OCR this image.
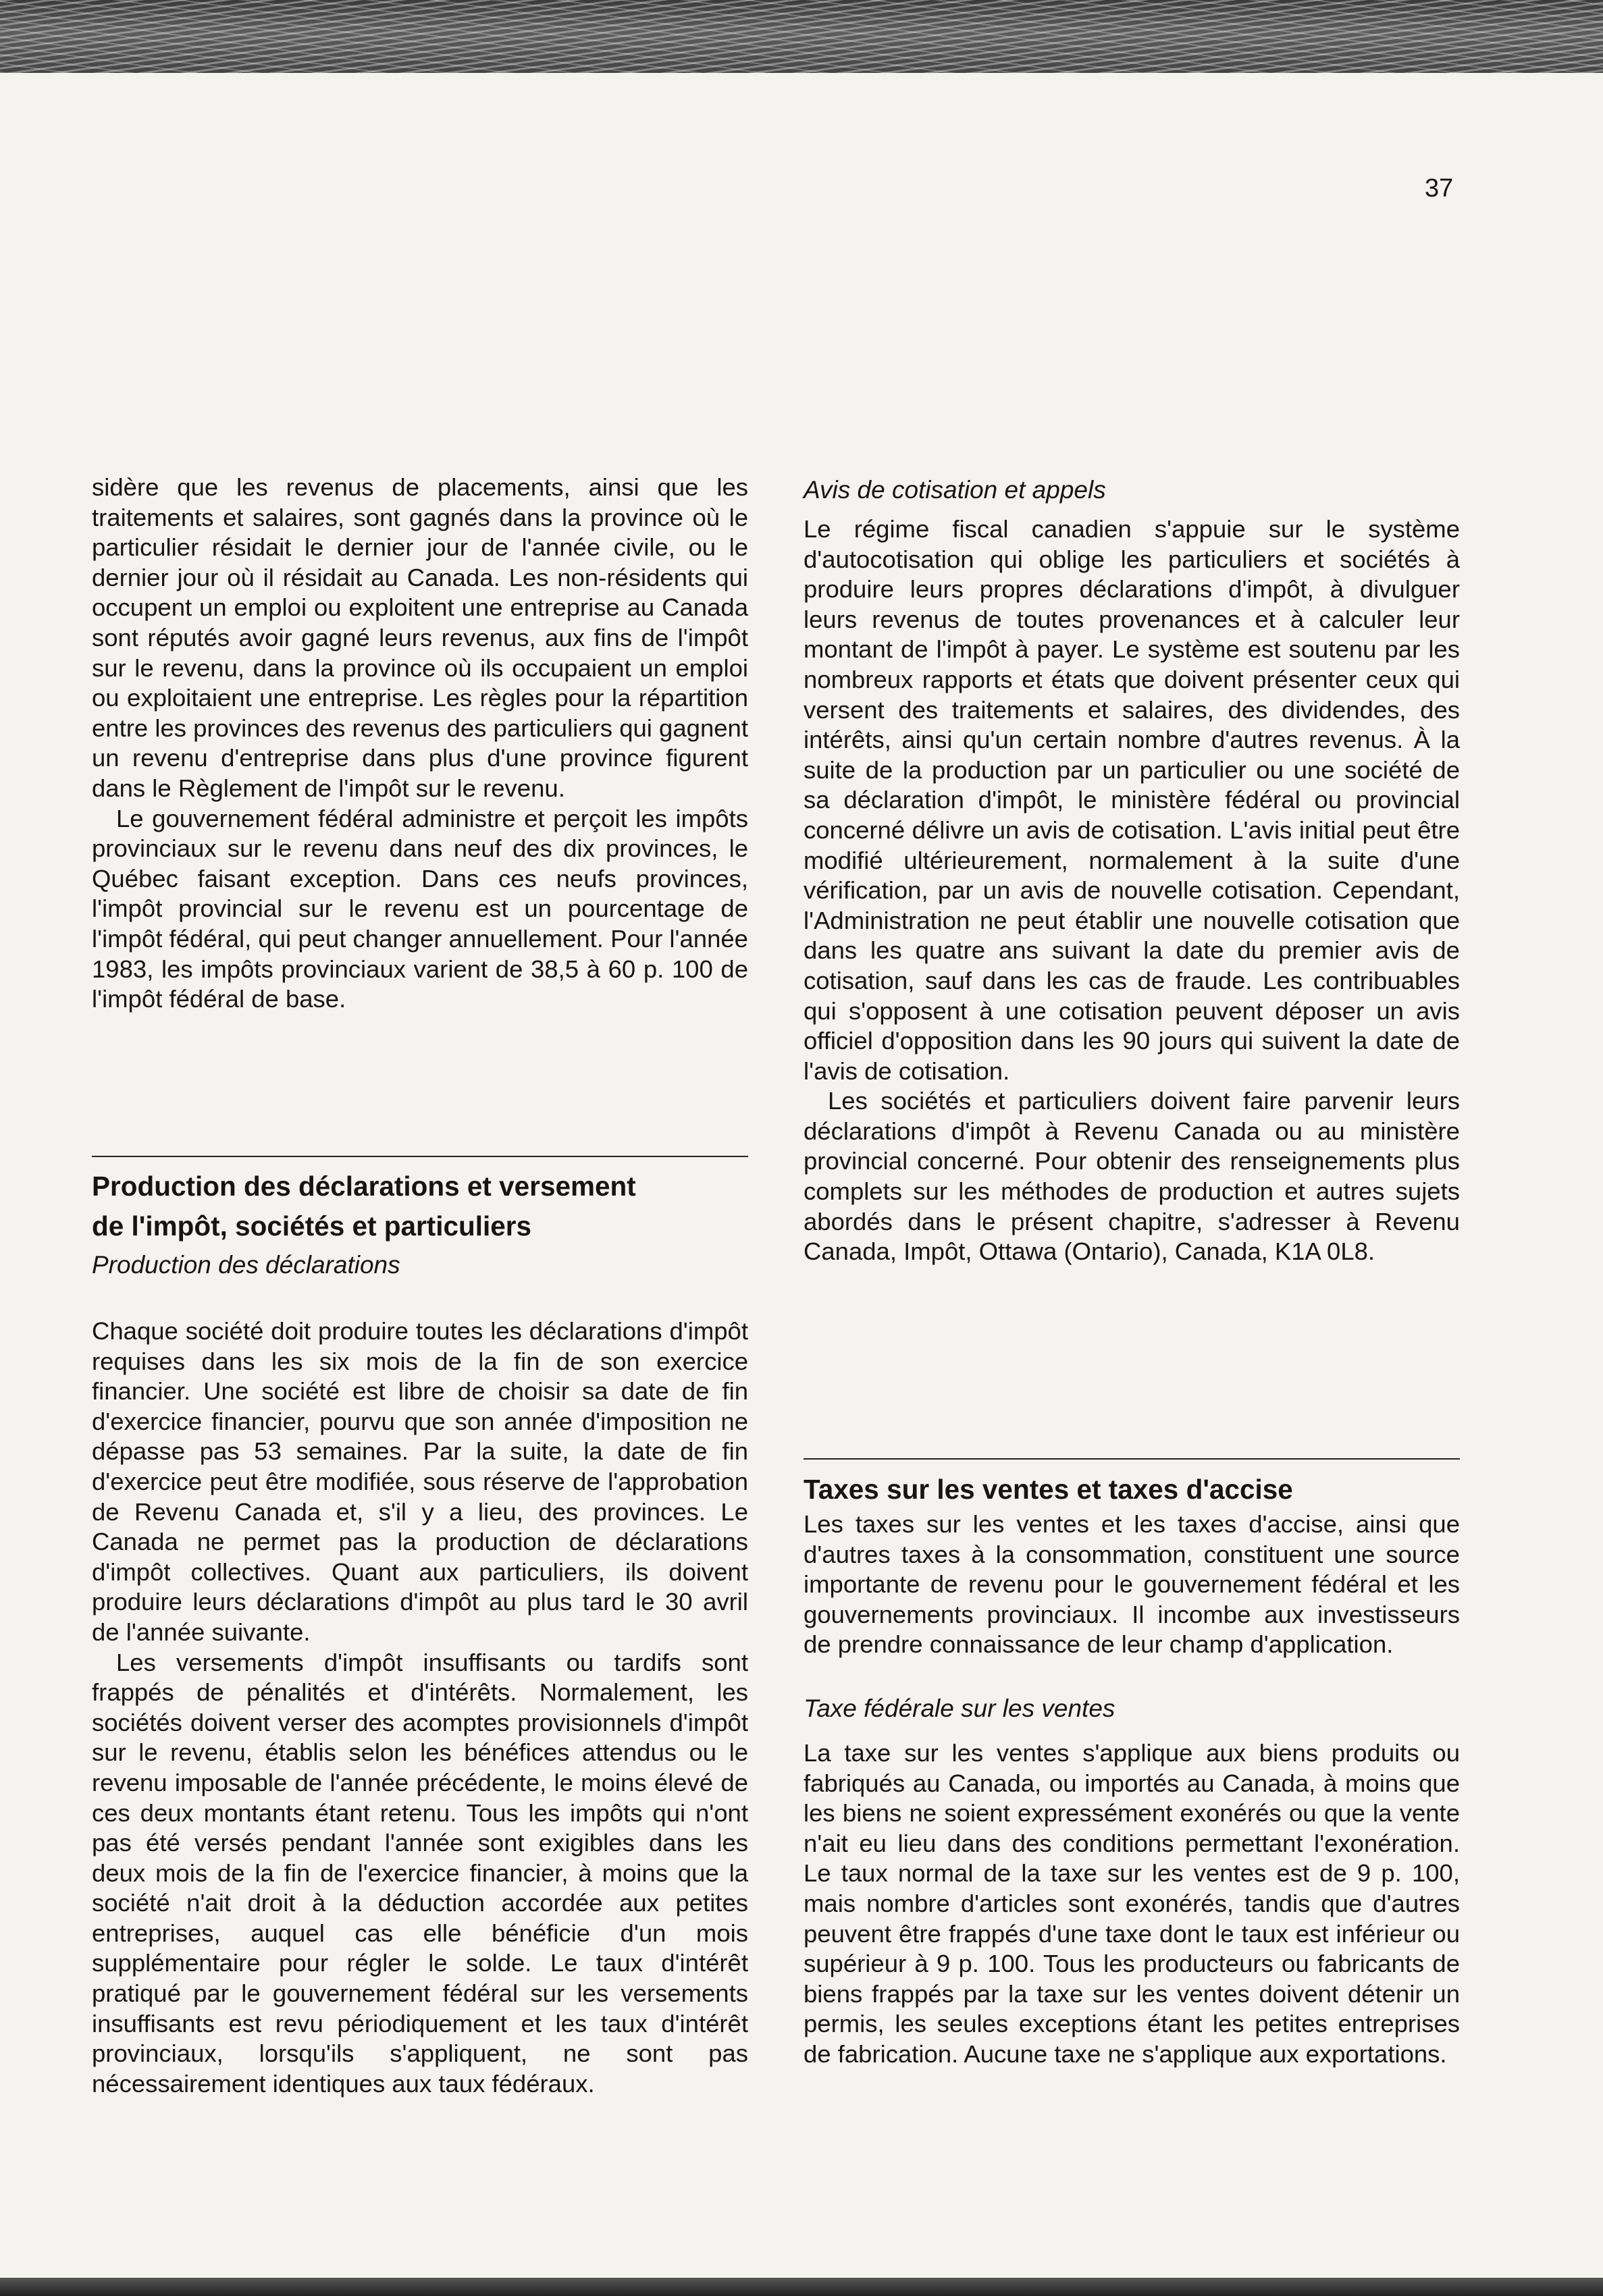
37

sidère que les revenus de placements, ainsi que les traitements et salaires, sont gagnés dans la province où le particulier résidait le dernier jour de l'année civile, ou le dernier jour où il résidait au Canada. Les non-résidents qui occupent un emploi ou exploitent une entreprise au Canada sont réputés avoir gagné leurs revenus, aux fins de l'impôt sur le revenu, dans la province où ils occupaient un emploi ou exploitaient une entreprise. Les règles pour la répartition entre les provinces des revenus des particuliers qui gagnent un revenu d'entreprise dans plus d'une province figurent dans le Règlement de l'impôt sur le revenu.

Le gouvernement fédéral administre et perçoit les impôts provinciaux sur le revenu dans neuf des dix provinces, le Québec faisant exception. Dans ces neufs provinces, l'impôt provincial sur le revenu est un pourcentage de l'impôt fédéral, qui peut changer annuellement. Pour l'année 1983, les impôts provinciaux varient de 38,5 à 60 p. 100 de l'impôt fédéral de base.

Production des déclarations et versement
de l'impôt, sociétés et particuliers

Production des déclarations

Chaque société doit produire toutes les déclarations d'impôt requises dans les six mois de la fin de son exercice financier. Une société est libre de choisir sa date de fin d'exercice financier, pourvu que son année d'imposition ne dépasse pas 53 semaines. Par la suite, la date de fin d'exercice peut être modifiée, sous réserve de l'approbation de Revenu Canada et, s'il y a lieu, des provinces. Le Canada ne permet pas la production de déclarations d'impôt collectives. Quant aux particuliers, ils doivent produire leurs déclarations d'impôt au plus tard le 30 avril de l'année suivante.

Les versements d'impôt insuffisants ou tardifs sont frappés de pénalités et d'intérêts. Normalement, les sociétés doivent verser des acomptes provisionnels d'impôt sur le revenu, établis selon les bénéfices attendus ou le revenu imposable de l'année précédente, le moins élevé de ces deux montants étant retenu. Tous les impôts qui n'ont pas été versés pendant l'année sont exigibles dans les deux mois de la fin de l'exercice financier, à moins que la société n'ait droit à la déduction accordée aux petites entreprises, auquel cas elle bénéficie d'un mois supplémentaire pour régler le solde. Le taux d'intérêt pratiqué par le gouvernement fédéral sur les versements insuffisants est revu périodiquement et les taux d'intérêt provinciaux, lorsqu'ils s'appliquent, ne sont pas nécessairement identiques aux taux fédéraux.

Avis de cotisation et appels

Le régime fiscal canadien s'appuie sur le système d'autocotisation qui oblige les particuliers et sociétés à produire leurs propres déclarations d'impôt, à divulguer leurs revenus de toutes provenances et à calculer leur montant de l'impôt à payer. Le système est soutenu par les nombreux rapports et états que doivent présenter ceux qui versent des traitements et salaires, des dividendes, des intérêts, ainsi qu'un certain nombre d'autres revenus. À la suite de la production par un particulier ou une société de sa déclaration d'impôt, le ministère fédéral ou provincial concerné délivre un avis de cotisation. L'avis initial peut être modifié ultérieurement, normalement à la suite d'une vérification, par un avis de nouvelle cotisation. Cependant, l'Administration ne peut établir une nouvelle cotisation que dans les quatre ans suivant la date du premier avis de cotisation, sauf dans les cas de fraude. Les contribuables qui s'opposent à une cotisation peuvent déposer un avis officiel d'opposition dans les 90 jours qui suivent la date de l'avis de cotisation.

Les sociétés et particuliers doivent faire parvenir leurs déclarations d'impôt à Revenu Canada ou au ministère provincial concerné. Pour obtenir des renseignements plus complets sur les méthodes de production et autres sujets abordés dans le présent chapitre, s'adresser à Revenu Canada, Impôt, Ottawa (Ontario), Canada, K1A 0L8.

Taxes sur les ventes et taxes d'accise

Les taxes sur les ventes et les taxes d'accise, ainsi que d'autres taxes à la consommation, constituent une source importante de revenu pour le gouvernement fédéral et les gouvernements provinciaux. Il incombe aux investisseurs de prendre connaissance de leur champ d'application.

Taxe fédérale sur les ventes

La taxe sur les ventes s'applique aux biens produits ou fabriqués au Canada, ou importés au Canada, à moins que les biens ne soient expressément exonérés ou que la vente n'ait eu lieu dans des conditions permettant l'exonération. Le taux normal de la taxe sur les ventes est de 9 p. 100, mais nombre d'articles sont exonérés, tandis que d'autres peuvent être frappés d'une taxe dont le taux est inférieur ou supérieur à 9 p. 100. Tous les producteurs ou fabricants de biens frappés par la taxe sur les ventes doivent détenir un permis, les seules exceptions étant les petites entreprises de fabrication. Aucune taxe ne s'applique aux exportations.
